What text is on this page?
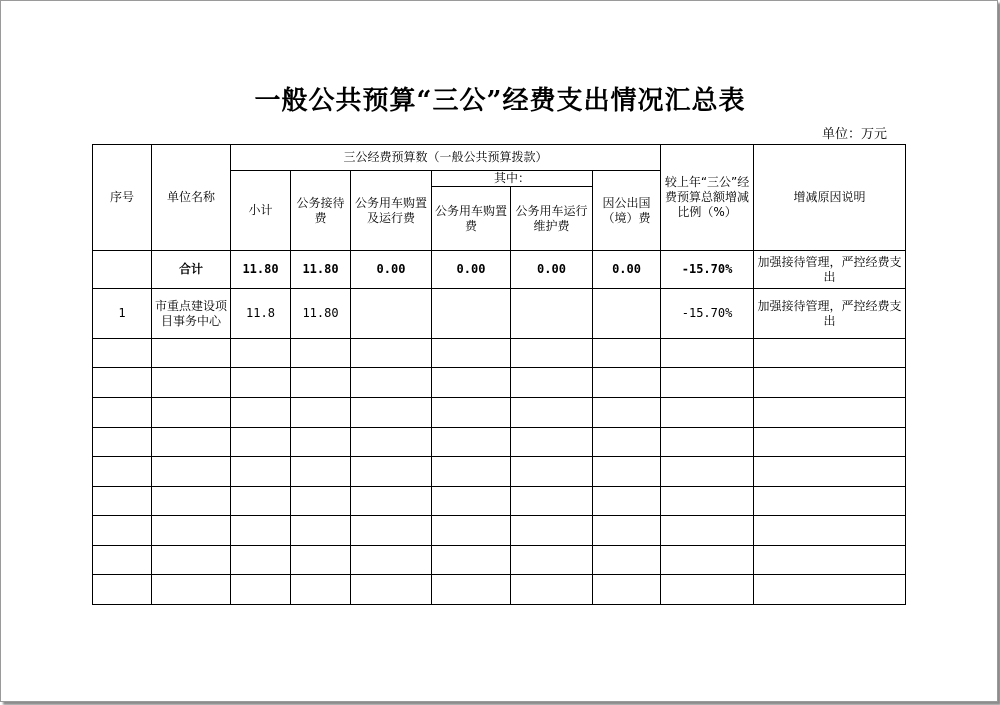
一般公共预算“三公”经费支出情况汇总表
单位：万元
序号	单位名称	三公经费预算数（一般公共预算拨款）						较上年“三公”经费预算总额增减比例（%）	增减原因说明
		小计	公务接待费	公务用车购置及运行费	其中：		因公出国（境）费		
					公务用车购置费	公务用车运行维护费			
	合计	11.80	11.80	0.00	0.00	0.00	0.00	-15.70%	加强接待管理，严控经费支出
1	市重点建设项目事务中心	11.8	11.80					-15.70%	加强接待管理，严控经费支出
